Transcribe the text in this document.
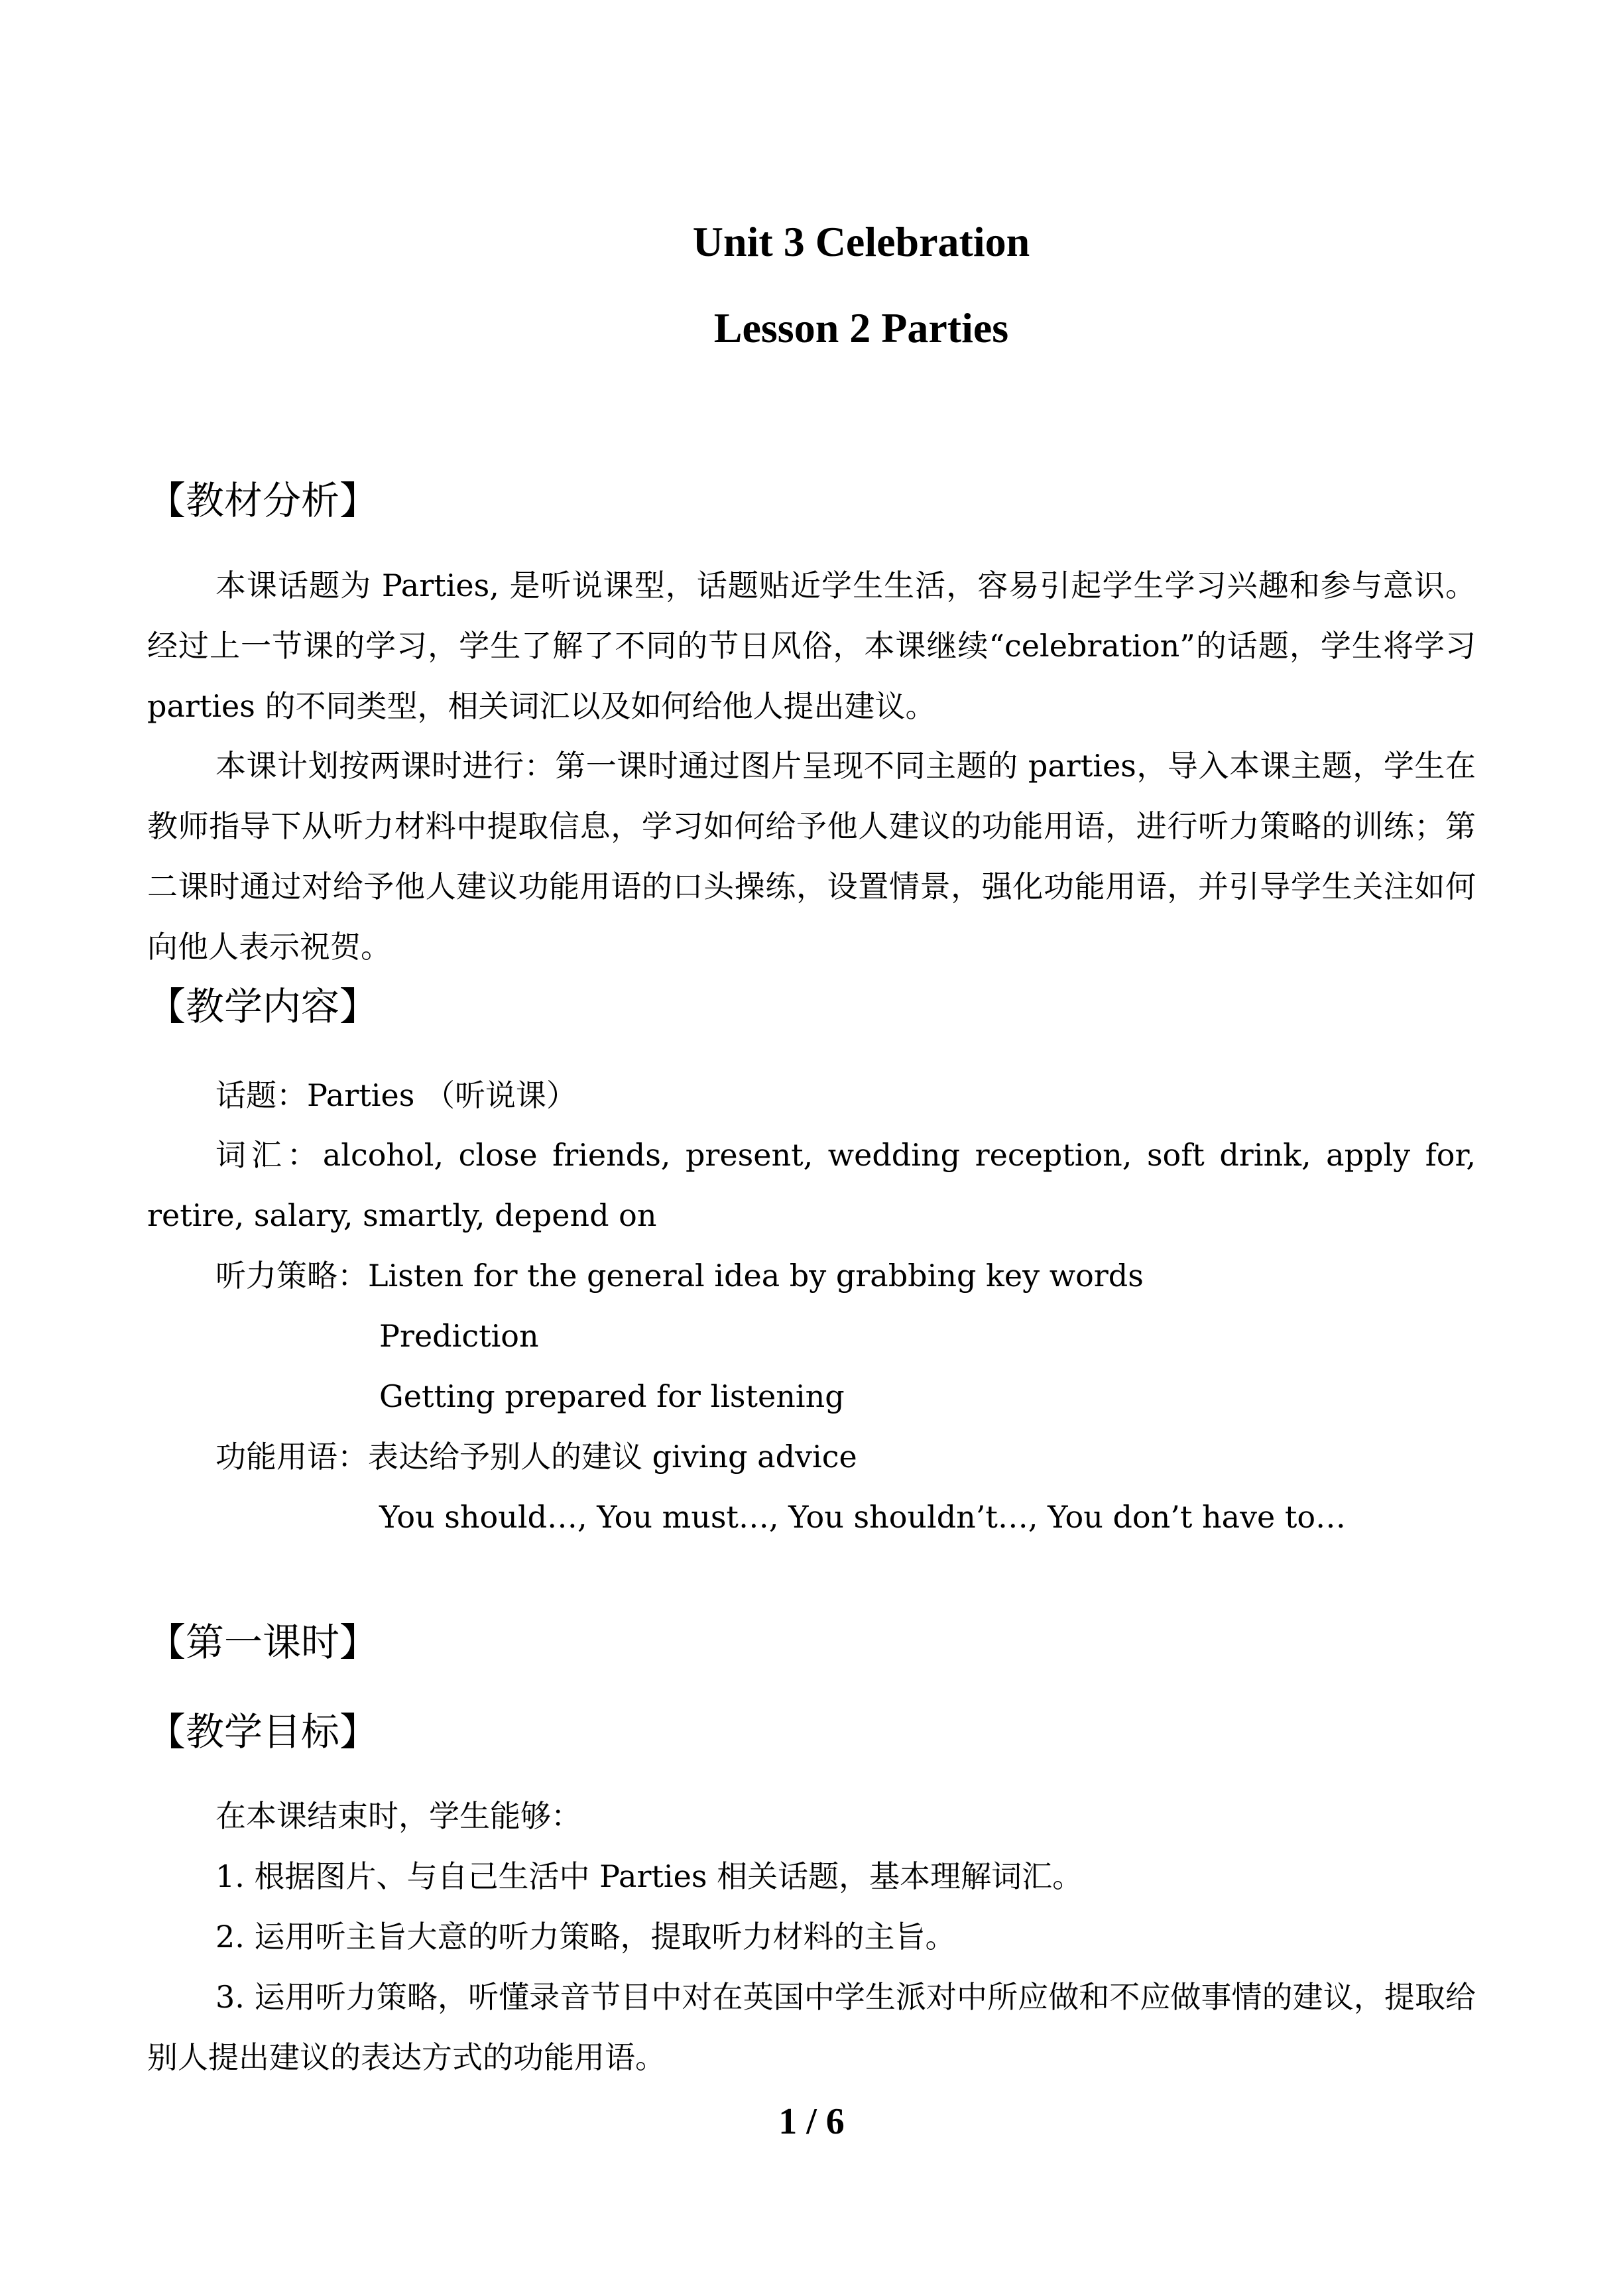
Unit 3 Celebration
Lesson 2 Parties
【教材分析】
本课话题为 Parties, 是听说课型，话题贴近学生生活，容易引起学生学习兴趣和参与意识。经过上一节课的学习，学生了解了不同的节日风俗，本课继续“celebration”的话题，学生将学习 parties 的不同类型，相关词汇以及如何给他人提出建议。
本课计划按两课时进行：第一课时通过图片呈现不同主题的 parties，导入本课主题，学生在教师指导下从听力材料中提取信息，学习如何给予他人建议的功能用语，进行听力策略的训练；第二课时通过对给予他人建议功能用语的口头操练，设置情景，强化功能用语，并引导学生关注如何向他人表示祝贺。
【教学内容】
话题：Parties （听说课）
词汇：alcohol, close friends, present, wedding reception, soft drink, apply for, retire, salary, smartly, depend on
听力策略：Listen for the general idea by grabbing key words
Prediction
Getting prepared for listening
功能用语：表达给予别人的建议 giving advice
You should…, You must…, You shouldn’t…, You don’t have to…
【第一课时】
【教学目标】
在本课结束时，学生能够：
1. 根据图片、与自己生活中 Parties 相关话题，基本理解词汇。
2. 运用听主旨大意的听力策略，提取听力材料的主旨。
3. 运用听力策略，听懂录音节目中对在英国中学生派对中所应做和不应做事情的建议，提取给别人提出建议的表达方式的功能用语。
1 / 6
